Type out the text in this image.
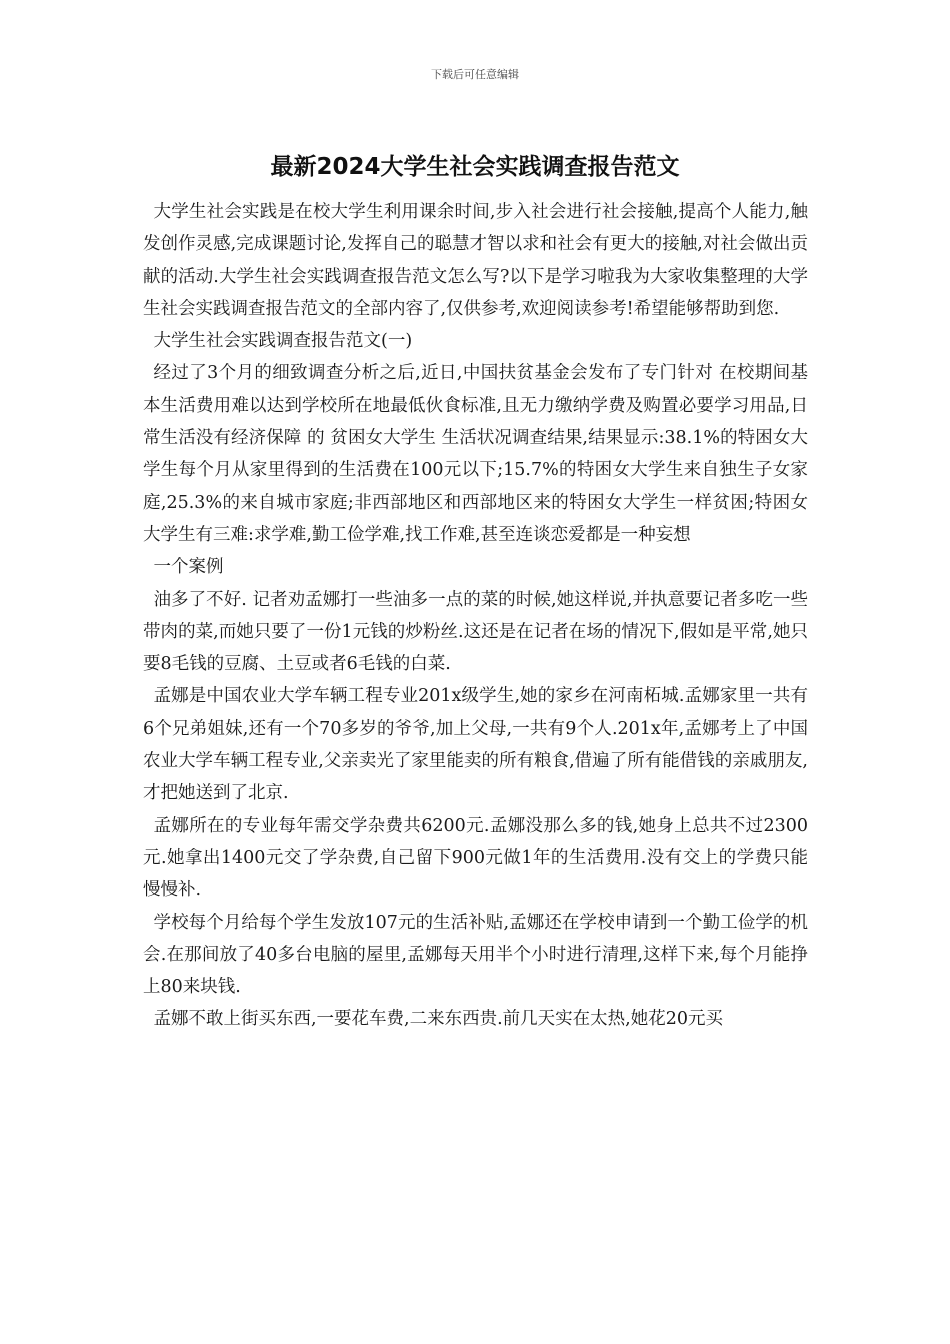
下载后可任意编辑
最新2024大学生社会实践调查报告范文

大学生社会实践是在校大学生利用课余时间,步入社会进行社会接触,提高个人能力,触发创作灵感,完成课题讨论,发挥自己的聪慧才智以求和社会有更大的接触,对社会做出贡献的活动.大学生社会实践调查报告范文怎么写?以下是学习啦我为大家收集整理的大学生社会实践调查报告范文的全部内容了,仅供参考,欢迎阅读参考!希望能够帮助到您.

大学生社会实践调查报告范文(一)

经过了3个月的细致调查分析之后,近日,中国扶贫基金会发布了专门针对 在校期间基本生活费用难以达到学校所在地最低伙食标准,且无力缴纳学费及购置必要学习用品,日常生活没有经济保障 的 贫困女大学生 生活状况调查结果,结果显示:38.1%的特困女大学生每个月从家里得到的生活费在100元以下;15.7%的特困女大学生来自独生子女家庭,25.3%的来自城市家庭;非西部地区和西部地区来的特困女大学生一样贫困;特困女大学生有三难:求学难,勤工俭学难,找工作难,甚至连谈恋爱都是一种妄想

一个案例

油多了不好. 记者劝孟娜打一些油多一点的菜的时候,她这样说,并执意要记者多吃一些带肉的菜,而她只要了一份1元钱的炒粉丝.这还是在记者在场的情况下,假如是平常,她只要8毛钱的豆腐、土豆或者6毛钱的白菜.

孟娜是中国农业大学车辆工程专业201x级学生,她的家乡在河南柘城.孟娜家里一共有6个兄弟姐妹,还有一个70多岁的爷爷,加上父母,一共有9个人.201x年,孟娜考上了中国农业大学车辆工程专业,父亲卖光了家里能卖的所有粮食,借遍了所有能借钱的亲戚朋友,才把她送到了北京.

孟娜所在的专业每年需交学杂费共6200元.孟娜没那么多的钱,她身上总共不过2300元.她拿出1400元交了学杂费,自己留下900元做1年的生活费用.没有交上的学费只能慢慢补.

学校每个月给每个学生发放107元的生活补贴,孟娜还在学校申请到一个勤工俭学的机会.在那间放了40多台电脑的屋里,孟娜每天用半个小时进行清理,这样下来,每个月能挣上80来块钱.

孟娜不敢上街买东西,一要花车费,二来东西贵.前几天实在太热,她花20元买
